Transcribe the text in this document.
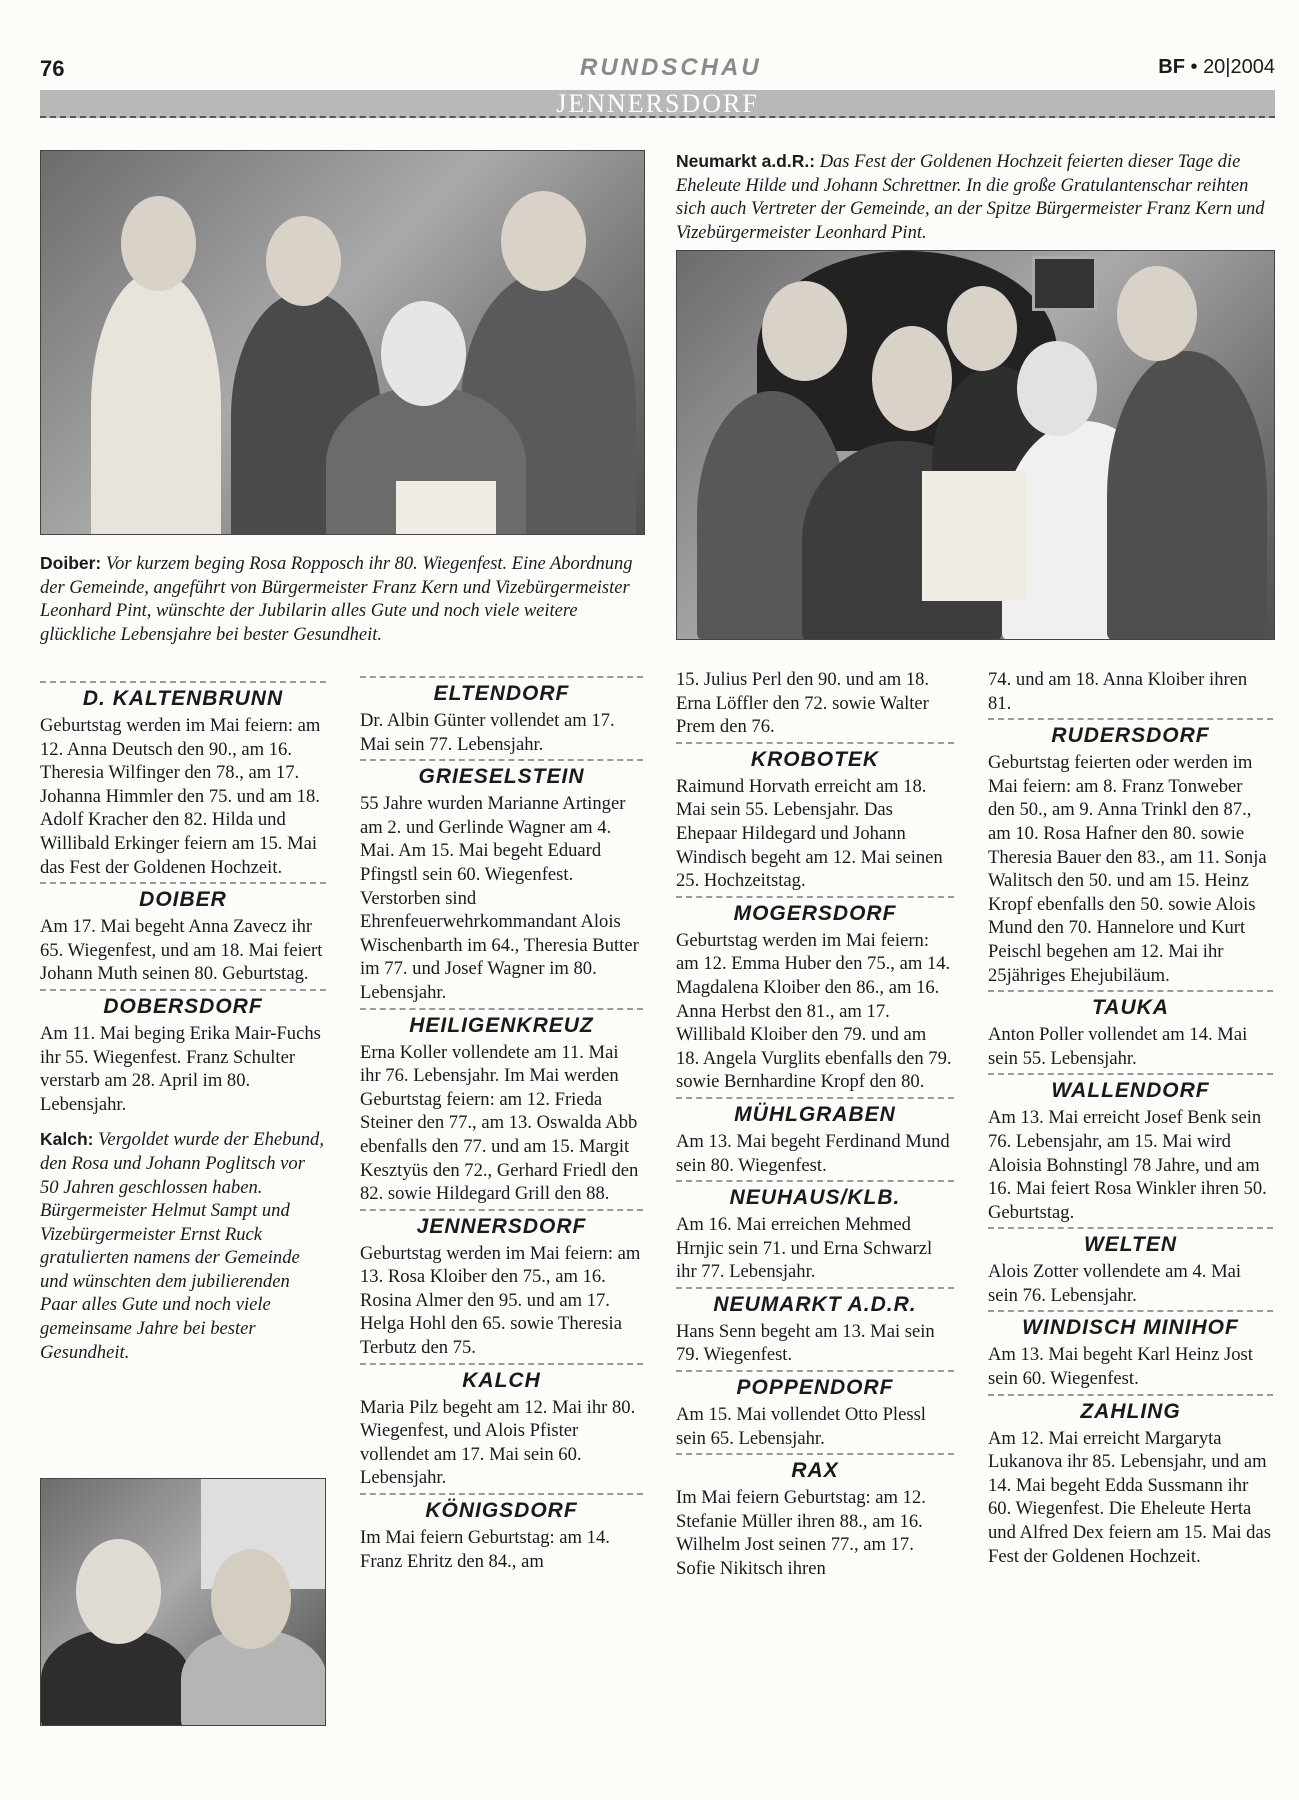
76	RUNDSCHAU	BF • 20|2004
JENNERSDORF
Neumarkt a.d.R.: Das Fest der Goldenen Hochzeit feierten dieser Tage die Eheleute Hilde und Johann Schrettner. In die große Gratulantenschar reihten sich auch Vertreter der Gemeinde, an der Spitze Bürgermeister Franz Kern und Vizebürgermeister Leonhard Pint.
Doiber: Vor kurzem beging Rosa Ropposch ihr 80. Wiegenfest. Eine Abordnung der Gemeinde, angeführt von Bürgermeister Franz Kern und Vizebürgermeister Leonhard Pint, wünschte der Jubilarin alles Gute und noch viele weitere glückliche Lebensjahre bei bester Gesundheit.
D. KALTENBRUNN
Geburtstag werden im Mai feiern: am 12. Anna Deutsch den 90., am 16. Theresia Wilfinger den 78., am 17. Johanna Himmler den 75. und am 18. Adolf Kracher den 82. Hilda und Willibald Erkinger feiern am 15. Mai das Fest der Goldenen Hochzeit.
DOIBER
Am 17. Mai begeht Anna Zavecz ihr 65. Wiegenfest, und am 18. Mai feiert Johann Muth seinen 80. Geburtstag.
DOBERSDORF
Am 11. Mai beging Erika Mair-Fuchs ihr 55. Wiegenfest. Franz Schulter verstarb am 28. April im 80. Lebensjahr.
Kalch: Vergoldet wurde der Ehebund, den Rosa und Johann Poglitsch vor 50 Jahren geschlossen haben. Bürgermeister Helmut Sampt und Vizebürgermeister Ernst Ruck gratulierten namens der Gemeinde und wünschten dem jubilierenden Paar alles Gute und noch viele gemeinsame Jahre bei bester Gesundheit.
ELTENDORF
Dr. Albin Günter vollendet am 17. Mai sein 77. Lebensjahr.
GRIESELSTEIN
55 Jahre wurden Marianne Artinger am 2. und Gerlinde Wagner am 4. Mai. Am 15. Mai begeht Eduard Pfingstl sein 60. Wiegenfest. Verstorben sind Ehrenfeuerwehrkommandant Alois Wischenbarth im 64., Theresia Butter im 77. und Josef Wagner im 80. Lebensjahr.
HEILIGENKREUZ
Erna Koller vollendete am 11. Mai ihr 76. Lebensjahr. Im Mai werden Geburtstag feiern: am 12. Frieda Steiner den 77., am 13. Oswalda Abb ebenfalls den 77. und am 15. Margit Kesztyüs den 72., Gerhard Friedl den 82. sowie Hildegard Grill den 88.
JENNERSDORF
Geburtstag werden im Mai feiern: am 13. Rosa Kloiber den 75., am 16. Rosina Almer den 95. und am 17. Helga Hohl den 65. sowie Theresia Terbutz den 75.
KALCH
Maria Pilz begeht am 12. Mai ihr 80. Wiegenfest, und Alois Pfister vollendet am 17. Mai sein 60. Lebensjahr.
KÖNIGSDORF
Im Mai feiern Geburtstag: am 14. Franz Ehritz den 84., am
15. Julius Perl den 90. und am 18. Erna Löffler den 72. sowie Walter Prem den 76.
KROBOTEK
Raimund Horvath erreicht am 18. Mai sein 55. Lebensjahr. Das Ehepaar Hildegard und Johann Windisch begeht am 12. Mai seinen 25. Hochzeitstag.
MOGERSDORF
Geburtstag werden im Mai feiern: am 12. Emma Huber den 75., am 14. Magdalena Kloiber den 86., am 16. Anna Herbst den 81., am 17. Willibald Kloiber den 79. und am 18. Angela Vurglits ebenfalls den 79. sowie Bernhardine Kropf den 80.
MÜHLGRABEN
Am 13. Mai begeht Ferdinand Mund sein 80. Wiegenfest.
NEUHAUS/KLB.
Am 16. Mai erreichen Mehmed Hrnjic sein 71. und Erna Schwarzl ihr 77. Lebensjahr.
NEUMARKT A.D.R.
Hans Senn begeht am 13. Mai sein 79. Wiegenfest.
POPPENDORF
Am 15. Mai vollendet Otto Plessl sein 65. Lebensjahr.
RAX
Im Mai feiern Geburtstag: am 12. Stefanie Müller ihren 88., am 16. Wilhelm Jost seinen 77., am 17. Sofie Nikitsch ihren
74. und am 18. Anna Kloiber ihren 81.
RUDERSDORF
Geburtstag feierten oder werden im Mai feiern: am 8. Franz Tonweber den 50., am 9. Anna Trinkl den 87., am 10. Rosa Hafner den 80. sowie Theresia Bauer den 83., am 11. Sonja Walitsch den 50. und am 15. Heinz Kropf ebenfalls den 50. sowie Alois Mund den 70. Hannelore und Kurt Peischl begehen am 12. Mai ihr 25jähriges Ehejubiläum.
TAUKA
Anton Poller vollendet am 14. Mai sein 55. Lebensjahr.
WALLENDORF
Am 13. Mai erreicht Josef Benk sein 76. Lebensjahr, am 15. Mai wird Aloisia Bohnstingl 78 Jahre, und am 16. Mai feiert Rosa Winkler ihren 50. Geburtstag.
WELTEN
Alois Zotter vollendete am 4. Mai sein 76. Lebensjahr.
WINDISCH MINIHOF
Am 13. Mai begeht Karl Heinz Jost sein 60. Wiegenfest.
ZAHLING
Am 12. Mai erreicht Margaryta Lukanova ihr 85. Lebensjahr, und am 14. Mai begeht Edda Sussmann ihr 60. Wiegenfest. Die Eheleute Herta und Alfred Dex feiern am 15. Mai das Fest der Goldenen Hochzeit.
